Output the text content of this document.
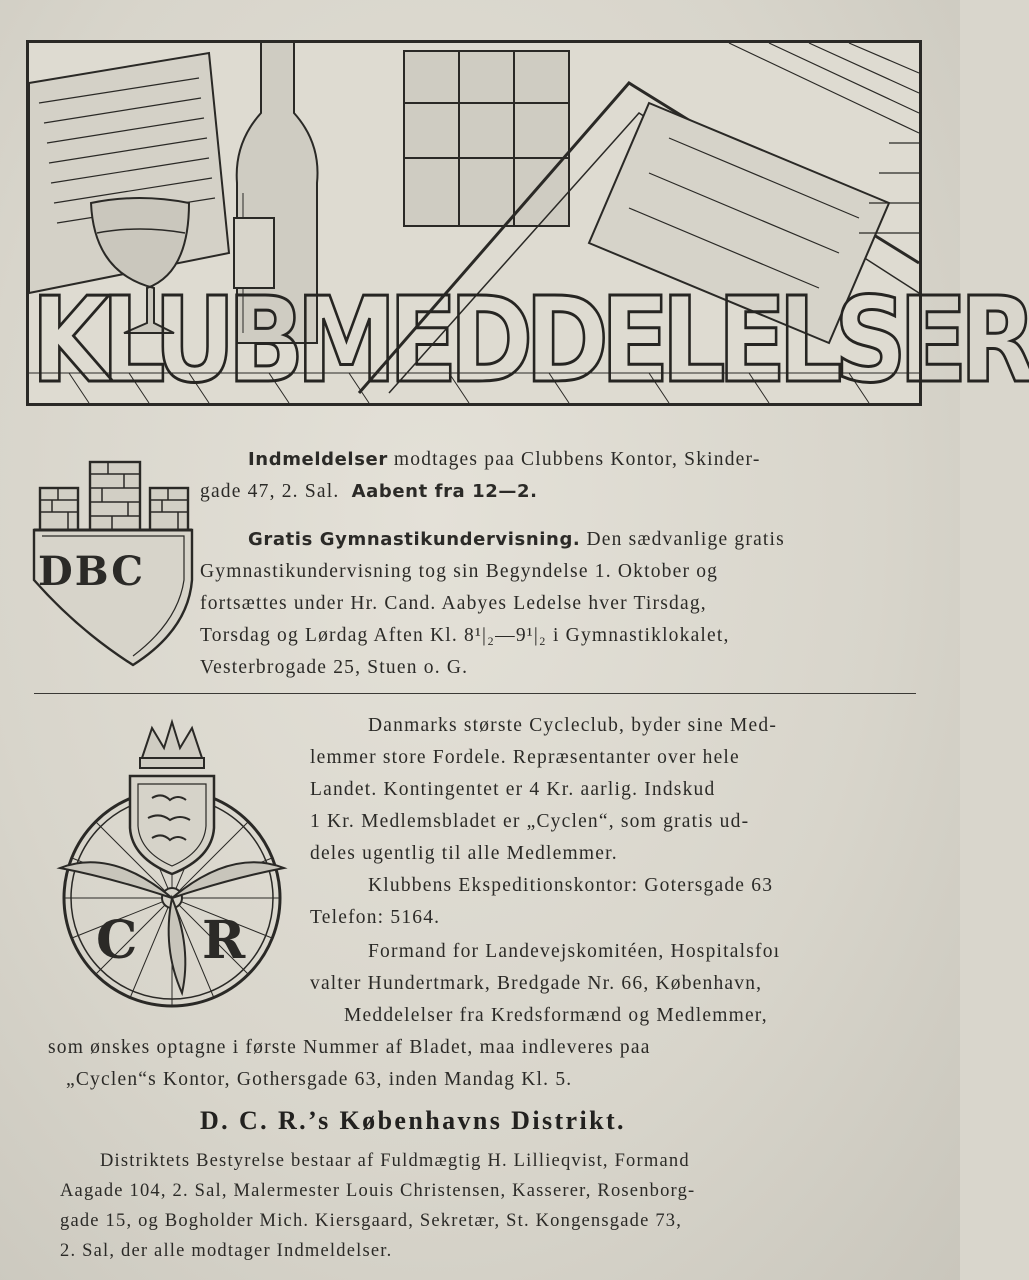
KLUBMEDDELELSER
DBC
Indmeldelser modtages paa Clubbens Kontor, Skinder-
gade 47, 2. Sal. Aabent fra 12—2.
Gratis Gymnastikundervisning. Den sædvanlige gratis
Gymnastikundervisning tog sin Begyndelse 1. Oktober og
fortsættes under Hr. Cand. Aabyes Ledelse hver Tirsdag,
Torsdag og Lørdag Aften Kl. 8¹|₂—9¹|₂ i Gymnastiklokalet,
Vesterbrogade 25, Stuen o. G.
C R
Danmarks største Cycleclub, byder sine Med-
lemmer store Fordele. Repræsentanter over hele
Landet. Kontingentet er 4 Kr. aarlig. Indskud
1 Kr. Medlemsbladet er „Cyclen“, som gratis ud-
deles ugentlig til alle Medlemmer.
Klubbens Ekspeditionskontor: Gotersgade 63
Telefon: 5164.
Formand for Landevejskomitéen, Hospitalsfoı
valter Hundertmark, Bredgade Nr. 66, København,
Meddelelser fra Kredsformænd og Medlemmer,
som ønskes optagne i første Nummer af Bladet, maa indleveres paa
„Cyclen“s Kontor, Gothersgade 63, inden Mandag Kl. 5.
D. C. R.’s Københavns Distrikt.
Distriktets Bestyrelse bestaar af Fuldmægtig H. Lillieqvist, Formand
Aagade 104, 2. Sal, Malermester Louis Christensen, Kasserer, Rosenborg-
gade 15, og Bogholder Mich. Kiersgaard, Sekretær, St. Kongensgade 73,
2. Sal, der alle modtager Indmeldelser.
